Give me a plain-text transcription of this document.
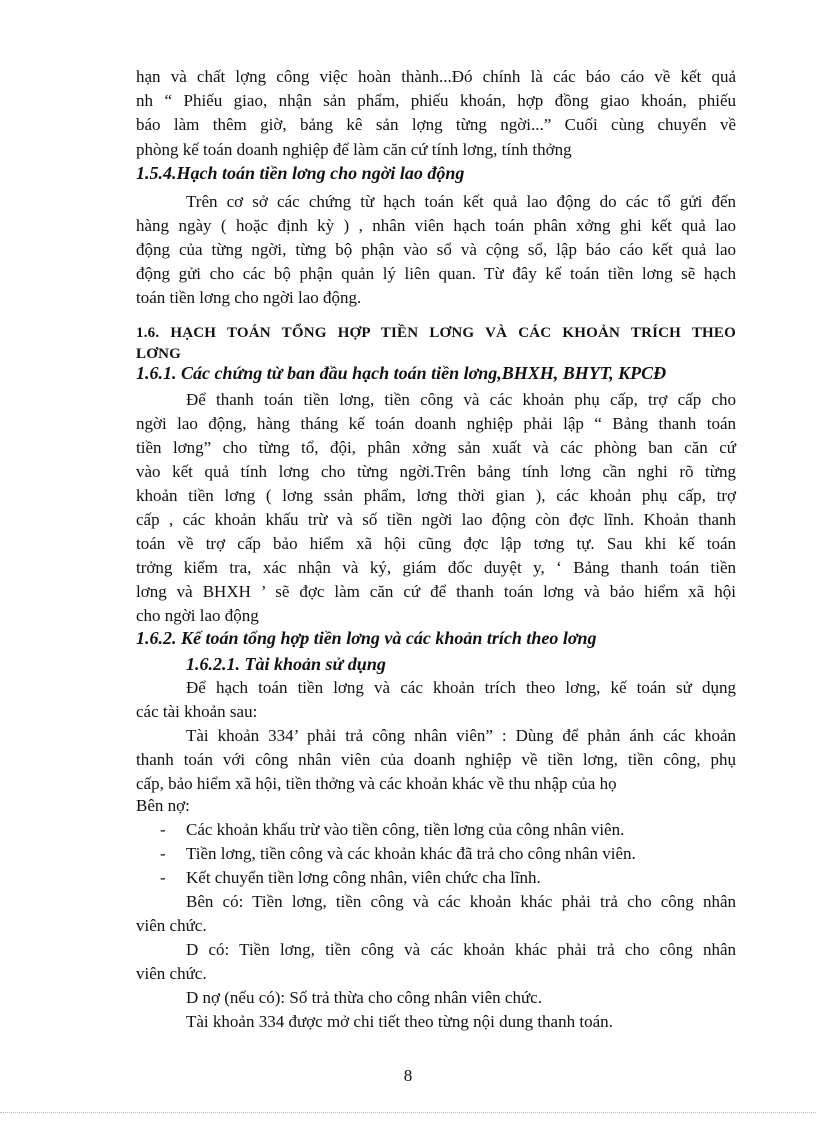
hạn và chất lợng công việc hoàn thành...Đó chính là các báo cáo về kết quả
nh “ Phiếu giao, nhận sản phẩm, phiếu khoán, hợp đồng giao khoán, phiếu
báo làm thêm giờ, bảng kê sản lợng từng ngời...” Cuối cùng chuyển về
phòng kế toán doanh nghiệp để làm căn cứ tính lơng, tính thởng
1.5.4.Hạch toán tiền lơng cho ngời lao động
Trên cơ sở các chứng từ hạch toán kết quả lao động do các tổ gửi đến
hàng ngày ( hoặc định kỳ ) , nhân viên hạch toán phân xởng ghi kết quả lao
động của từng ngời, từng bộ phận vào sổ và cộng sổ, lập báo cáo kết quả lao
động gửi cho các bộ phận quản lý liên quan. Từ đây kế toán tiền lơng sẽ hạch
toán tiền lơng cho ngời lao động.
1.6. HẠCH TOÁN TỔNG HỢP TIỀN LƠNG VÀ CÁC KHOẢN TRÍCH THEO
LƠNG
1.6.1. Các chứng từ ban đầu hạch toán tiền lơng,BHXH, BHYT, KPCĐ
Để thanh toán tiền lơng, tiền công và các khoản phụ cấp, trợ cấp cho
ngời lao động, hàng tháng kế toán doanh nghiệp phải lập “ Bảng thanh toán
tiền lơng” cho từng tổ, đội, phân xởng sản xuất và các phòng ban căn cứ
vào kết quả tính lơng cho từng ngời.Trên bảng tính lơng cần nghi rõ từng
khoản tiền lơng ( lơng ssản phẩm, lơng thời gian ), các khoản phụ cấp, trợ
cấp , các khoản khấu trừ và số tiền ngời lao động còn đợc lĩnh. Khoản thanh
toán về trợ cấp bảo hiểm xã hội cũng đợc lập tơng tự. Sau khi kế toán
trởng kiểm tra, xác nhận và ký, giám đốc duyệt y, ‘ Bảng thanh toán tiền
lơng và BHXH ’ sẽ đợc làm căn cứ để thanh toán lơng và bảo hiểm xã hội
cho ngời lao động
1.6.2. Kế toán tổng hợp tiền lơng và các khoản trích theo lơng
1.6.2.1. Tài khoản sử dụng
Để hạch toán tiền lơng và các khoản trích theo lơng, kế toán sử dụng
các tài khoản sau:
Tài khoản 334’ phải trả công nhân viên” : Dùng để phản ánh các khoản
thanh toán với công nhân viên của doanh nghiệp về tiền lơng, tiền công, phụ
cấp, bảo hiểm xã hội, tiền thởng và các khoản khác về thu nhập của họ
Bên nợ:
- Các khoản khấu trừ vào tiền công, tiền lơng của công nhân viên.
- Tiền lơng, tiền công và các khoản khác đã trả cho công nhân viên.
- Kết chuyển tiền lơng công nhân, viên chức cha lĩnh.
Bên có: Tiền lơng, tiền công và các khoản khác phải trả cho công nhân
viên chức.
D có: Tiền lơng, tiền công và các khoản khác phải trả cho công nhân
viên chức.
D nợ (nếu có): Số trả thừa cho công nhân viên chức.
Tài khoản 334 được mở chi tiết theo từng nội dung thanh toán.
8
